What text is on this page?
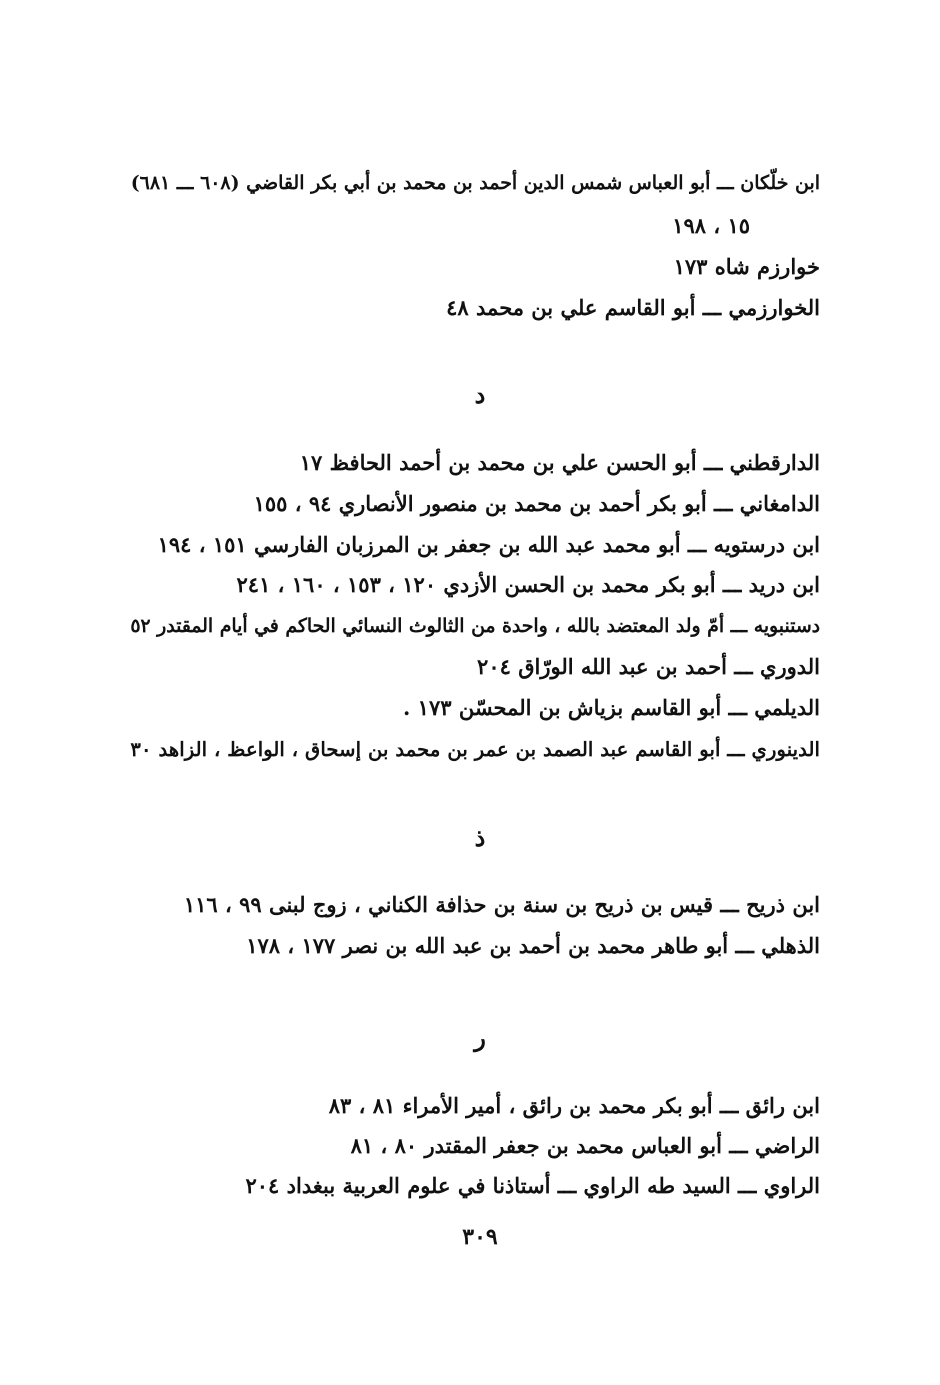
ابن خلّكان ـــ أبو العباس شمس الدين أحمد بن محمد بن أبي بكر القاضي (٦٠٨ ـــ ٦٨١)
١٥ ، ١٩٨
خوارزم شاه ١٧٣
الخوارزمي ـــ أبو القاسم علي بن محمد ٤٨
د
الدارقطني ـــ أبو الحسن علي بن محمد بن أحمد الحافظ ١٧
الدامغاني ـــ أبو بكر أحمد بن محمد بن منصور الأنصاري ٩٤ ، ١٥٥
ابن درستويه ـــ أبو محمد عبد الله بن جعفر بن المرزبان الفارسي ١٥١ ، ١٩٤
ابن دريد ـــ أبو بكر محمد بن الحسن الأزدي ١٢٠ ، ١٥٣ ، ١٦٠ ، ٢٤١
دستنبويه ـــ أمّ ولد المعتضد بالله ، واحدة من الثالوث النسائي الحاكم في أيام المقتدر ٥٢
الدوري ـــ أحمد بن عبد الله الورّاق ٢٠٤
الديلمي ـــ أبو القاسم بزياش بن المحسّن ١٧٣ .
الدينوري ـــ أبو القاسم عبد الصمد بن عمر بن محمد بن إسحاق ، الواعظ ، الزاهد ٣٠
ذ
ابن ذريح ـــ قيس بن ذريح بن سنة بن حذافة الكناني ، زوج لبنى ٩٩ ، ١١٦
الذهلي ـــ أبو طاهر محمد بن أحمد بن عبد الله بن نصر ١٧٧ ، ١٧٨
ر
ابن رائق ـــ أبو بكر محمد بن رائق ، أمير الأمراء ٨١ ، ٨٣
الراضي ـــ أبو العباس محمد بن جعفر المقتدر ٨٠ ، ٨١
الراوي ـــ السيد طه الراوي ـــ أستاذنا في علوم العربية ببغداد ٢٠٤
٣٠٩
